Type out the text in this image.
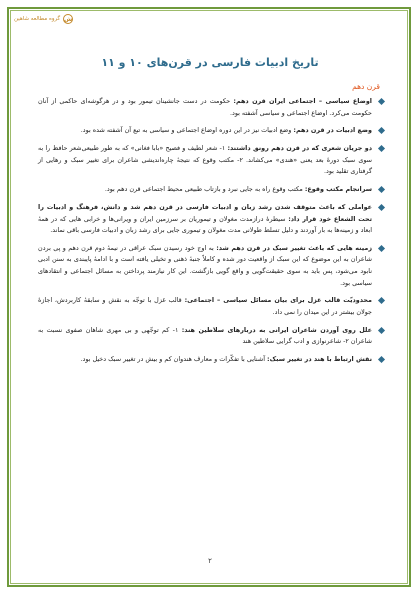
ش
گروه مطالعه شاهین
تاریخ ادبیات فارسی در قرن‌های ۱۰ و ۱۱
قرن دهم
اوضاع سیاسی – اجتماعی ایران قرن دهم: حکومت در دست جانشینان تیمور بود و در هرگوشه‌ای حاکمی از آنان حکومت می‌کرد. اوضاع اجتماعی و سیاسی آشفته بود.
وضع ادبیات در قرن دهم: وضع ادبیات نیز در این دوره اوضاع اجتماعی و سیاسی به تبع آن آشفته شده بود.
دو جریان شعری که در قرن دهم رونق داشتند: ۱- شعر لطیف و فصیح «بابا فغانی» که به طور طبیعی‌شعر حافظ را به سوی سبک دورۀ بعد یعنی «هندی» می‌کشاند. ۲- مکتب وقوع که نتیجۀ چاره‌اندیشی شاعران برای تغییر سبک و رهایی از گرفتاری تقلید بود.
سرانجام مکتب وقوع: مکتب وقوع راه به جایی نبرد و بازتاب طبیعی محیط اجتماعی قرن دهم بود.
عواملی که باعث متوقف شدن رشد زبان و ادبیات فارسی در قرن دهم شد و دانش، فرهنگ و ادبیات را تحت الشعاع خود قرار داد: سیطرۀ درازمدت مغولان و تیموریان بر سرزمین ایران و ویرانی‌ها و خرابی هایی که در همۀ ابعاد و زمینه‌ها به بار آوردند و دلیل تسلط طولانی مدت مغولان و تیموری جایی برای رشد زبان و ادبیات فارسی باقی نماند.
زمینه هایی که باعث تغییر سبک در قرن دهم شد: به اوج خود رسیدن سبک عراقی در نیمۀ دوم قرن دهم و پی بردن شاعران به این موضوع که این سبک از واقعیت دور شده و کاملاً جنبۀ ذهنی و تخیلی یافته است و با ادامۀ پایبندی به سنن ادبی نابود می‌شود، پس باید به سوی حقیقت‌گویی و واقع گویی بازگشت. این کار نیازمند پرداختن به مسائل اجتماعی و انتقادهای سیاسی بود.
محدودیّت قالب غزل برای بیان مسائل سیاسی – اجتماعی: قالب غزل با توجّه به نقش و سابقۀ کاربردش، اجازۀ جولان بیشتر در این میدان را نمی داد.
علل روی آوردن شاعران ایرانی به دربارهای سلاطین هند: ۱- کم توجّهی و بی مهری شاهان صفوی نسبت به شاعران ۲- شاعرنوازی و ادب گرایی سلاطین هند
نقش ارتباط با هند در تغییر سبک: آشنایی با تفکّرات و معارف هندوان کم و بیش در تغییر سبک دخیل بود.
۲
